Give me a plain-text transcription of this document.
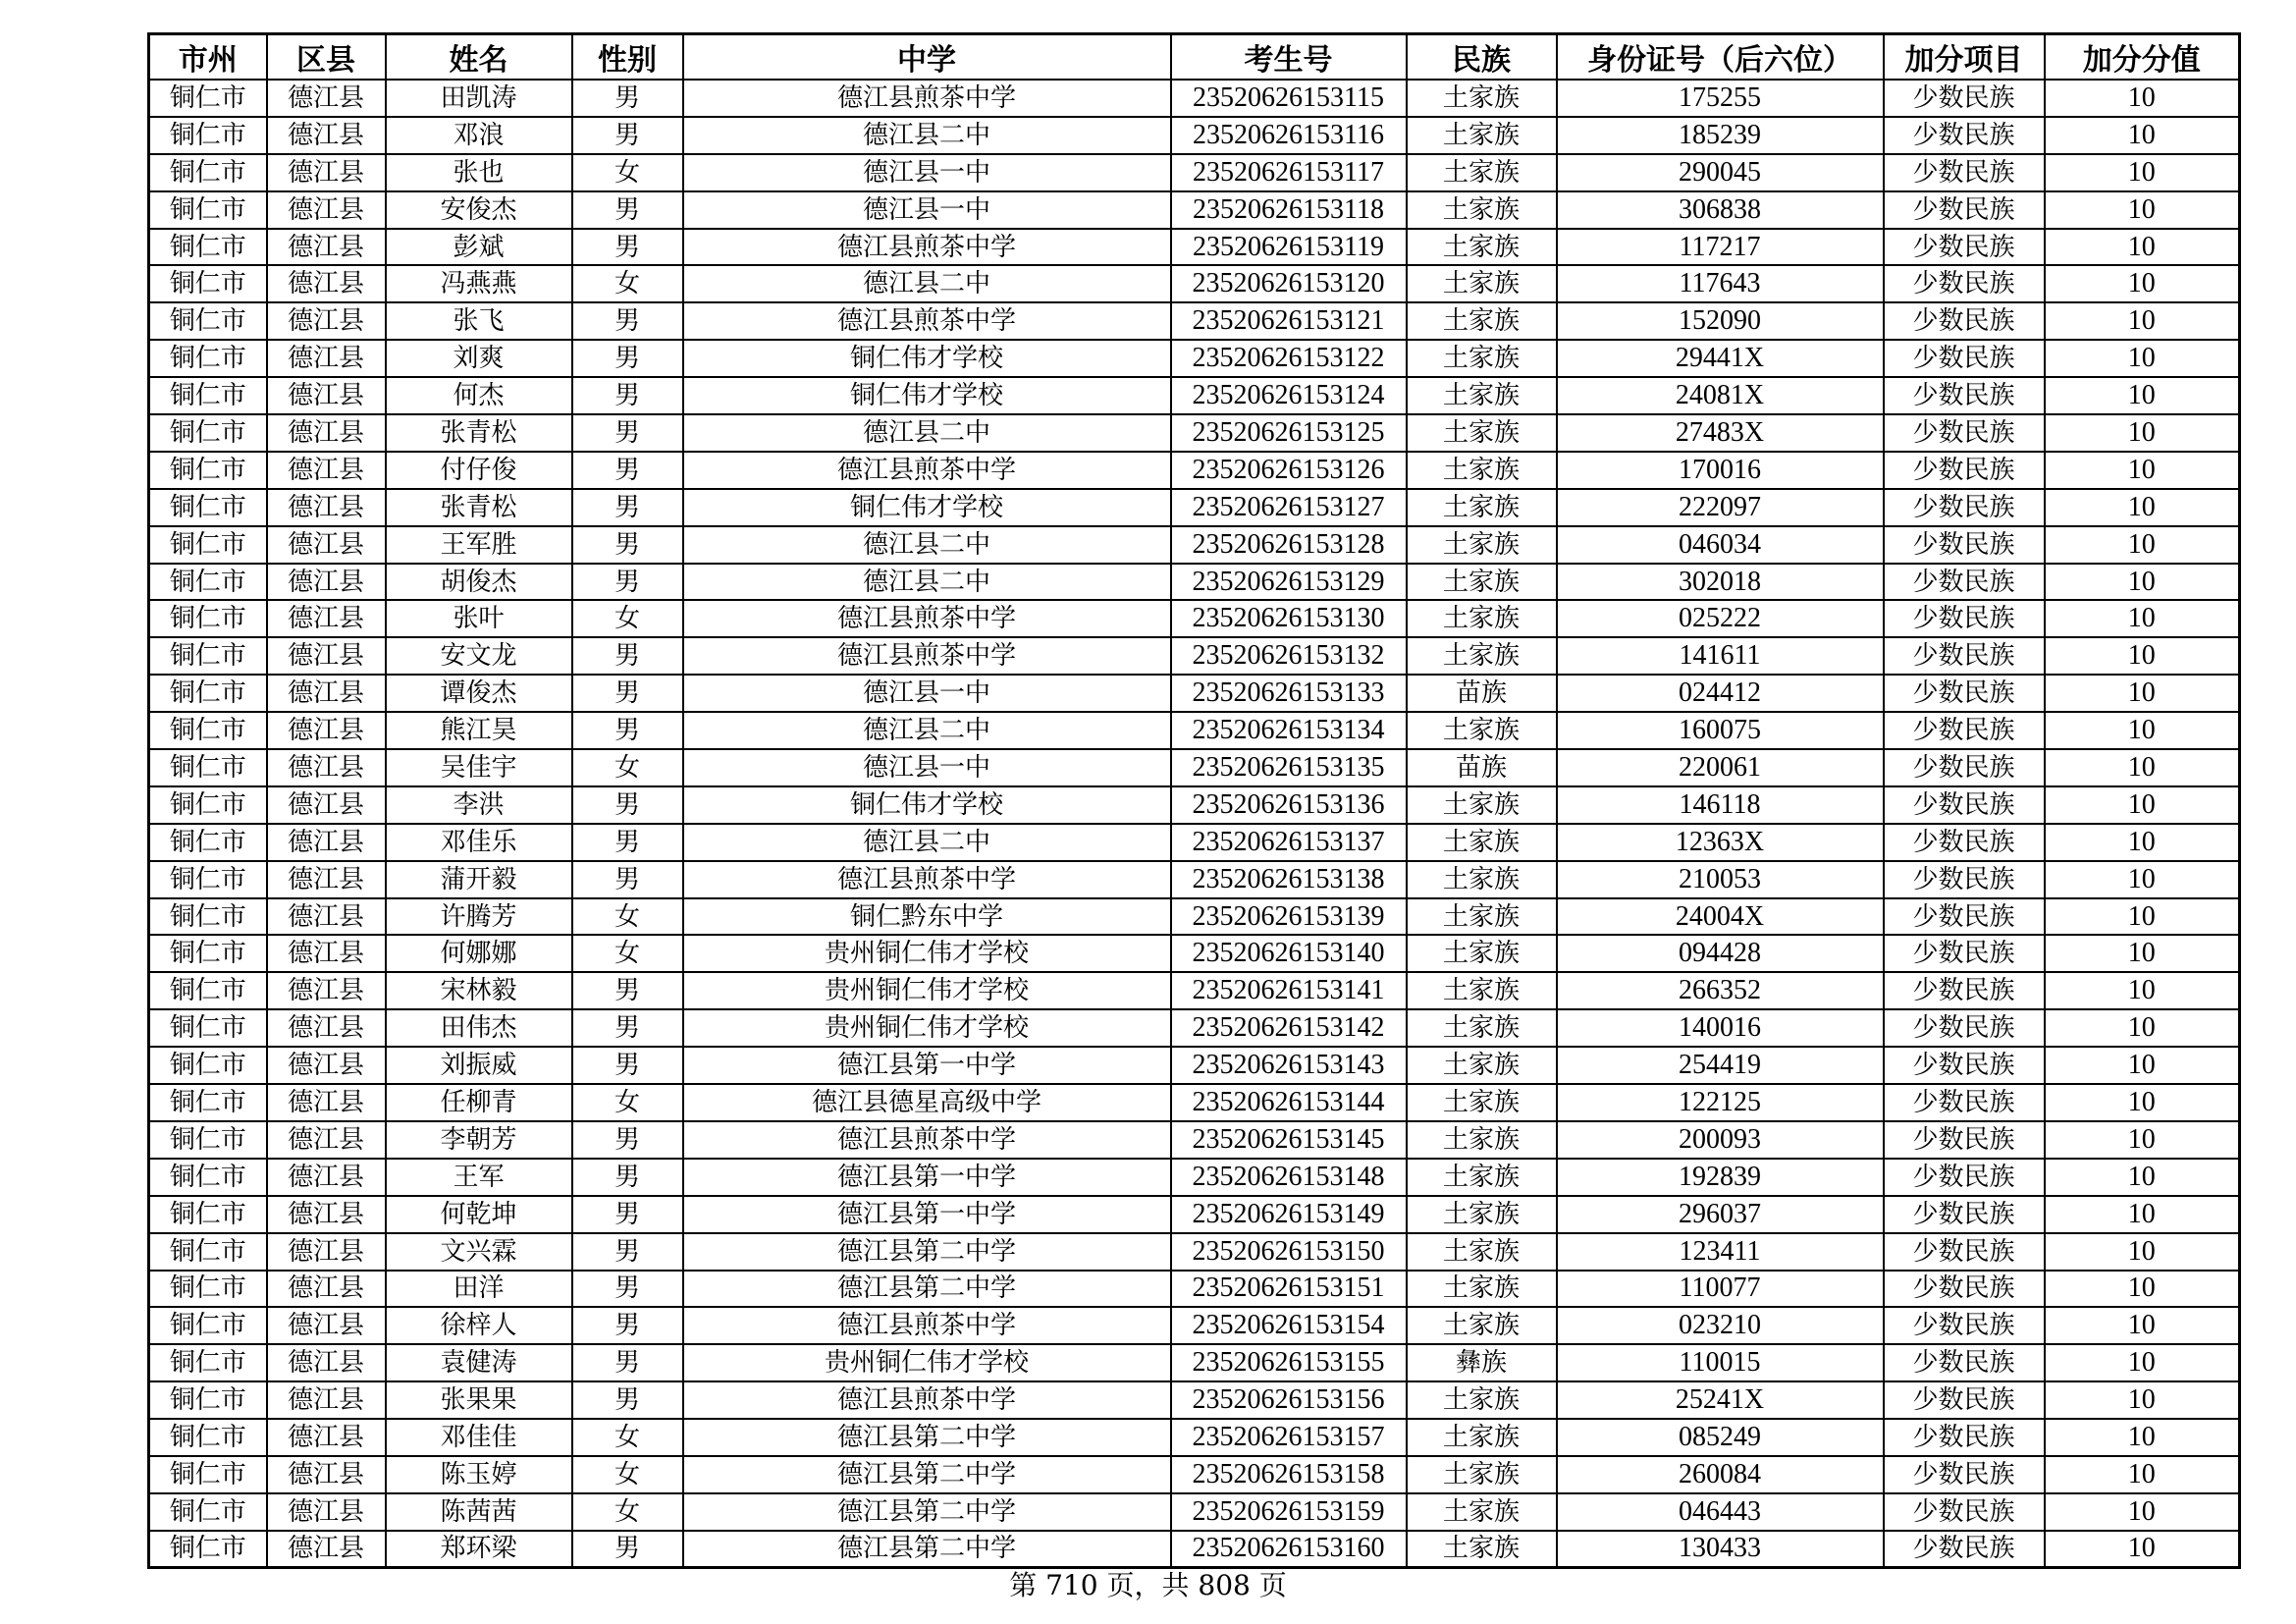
市州	区县	姓名	性别	中学	考生号	民族	身份证号（后六位）	加分项目	加分分值
铜仁市	德江县	田凯涛	男	德江县煎茶中学	23520626153115	土家族	175255	少数民族	10
铜仁市	德江县	邓浪	男	德江县二中	23520626153116	土家族	185239	少数民族	10
铜仁市	德江县	张也	女	德江县一中	23520626153117	土家族	290045	少数民族	10
铜仁市	德江县	安俊杰	男	德江县一中	23520626153118	土家族	306838	少数民族	10
铜仁市	德江县	彭斌	男	德江县煎茶中学	23520626153119	土家族	117217	少数民族	10
铜仁市	德江县	冯燕燕	女	德江县二中	23520626153120	土家族	117643	少数民族	10
铜仁市	德江县	张飞	男	德江县煎茶中学	23520626153121	土家族	152090	少数民族	10
铜仁市	德江县	刘爽	男	铜仁伟才学校	23520626153122	土家族	29441X	少数民族	10
铜仁市	德江县	何杰	男	铜仁伟才学校	23520626153124	土家族	24081X	少数民族	10
铜仁市	德江县	张青松	男	德江县二中	23520626153125	土家族	27483X	少数民族	10
铜仁市	德江县	付仔俊	男	德江县煎茶中学	23520626153126	土家族	170016	少数民族	10
铜仁市	德江县	张青松	男	铜仁伟才学校	23520626153127	土家族	222097	少数民族	10
铜仁市	德江县	王军胜	男	德江县二中	23520626153128	土家族	046034	少数民族	10
铜仁市	德江县	胡俊杰	男	德江县二中	23520626153129	土家族	302018	少数民族	10
铜仁市	德江县	张叶	女	德江县煎茶中学	23520626153130	土家族	025222	少数民族	10
铜仁市	德江县	安文龙	男	德江县煎茶中学	23520626153132	土家族	141611	少数民族	10
铜仁市	德江县	谭俊杰	男	德江县一中	23520626153133	苗族	024412	少数民族	10
铜仁市	德江县	熊江昊	男	德江县二中	23520626153134	土家族	160075	少数民族	10
铜仁市	德江县	吴佳宇	女	德江县一中	23520626153135	苗族	220061	少数民族	10
铜仁市	德江县	李洪	男	铜仁伟才学校	23520626153136	土家族	146118	少数民族	10
铜仁市	德江县	邓佳乐	男	德江县二中	23520626153137	土家族	12363X	少数民族	10
铜仁市	德江县	蒲开毅	男	德江县煎茶中学	23520626153138	土家族	210053	少数民族	10
铜仁市	德江县	许腾芳	女	铜仁黔东中学	23520626153139	土家族	24004X	少数民族	10
铜仁市	德江县	何娜娜	女	贵州铜仁伟才学校	23520626153140	土家族	094428	少数民族	10
铜仁市	德江县	宋林毅	男	贵州铜仁伟才学校	23520626153141	土家族	266352	少数民族	10
铜仁市	德江县	田伟杰	男	贵州铜仁伟才学校	23520626153142	土家族	140016	少数民族	10
铜仁市	德江县	刘振威	男	德江县第一中学	23520626153143	土家族	254419	少数民族	10
铜仁市	德江县	任柳青	女	德江县德星高级中学	23520626153144	土家族	122125	少数民族	10
铜仁市	德江县	李朝芳	男	德江县煎茶中学	23520626153145	土家族	200093	少数民族	10
铜仁市	德江县	王军	男	德江县第一中学	23520626153148	土家族	192839	少数民族	10
铜仁市	德江县	何乾坤	男	德江县第一中学	23520626153149	土家族	296037	少数民族	10
铜仁市	德江县	文兴霖	男	德江县第二中学	23520626153150	土家族	123411	少数民族	10
铜仁市	德江县	田洋	男	德江县第二中学	23520626153151	土家族	110077	少数民族	10
铜仁市	德江县	徐梓人	男	德江县煎茶中学	23520626153154	土家族	023210	少数民族	10
铜仁市	德江县	袁健涛	男	贵州铜仁伟才学校	23520626153155	彝族	110015	少数民族	10
铜仁市	德江县	张果果	男	德江县煎茶中学	23520626153156	土家族	25241X	少数民族	10
铜仁市	德江县	邓佳佳	女	德江县第二中学	23520626153157	土家族	085249	少数民族	10
铜仁市	德江县	陈玉婷	女	德江县第二中学	23520626153158	土家族	260084	少数民族	10
铜仁市	德江县	陈茜茜	女	德江县第二中学	23520626153159	土家族	046443	少数民族	10
铜仁市	德江县	郑环梁	男	德江县第二中学	23520626153160	土家族	130433	少数民族	10
第 710 页，共 808 页
